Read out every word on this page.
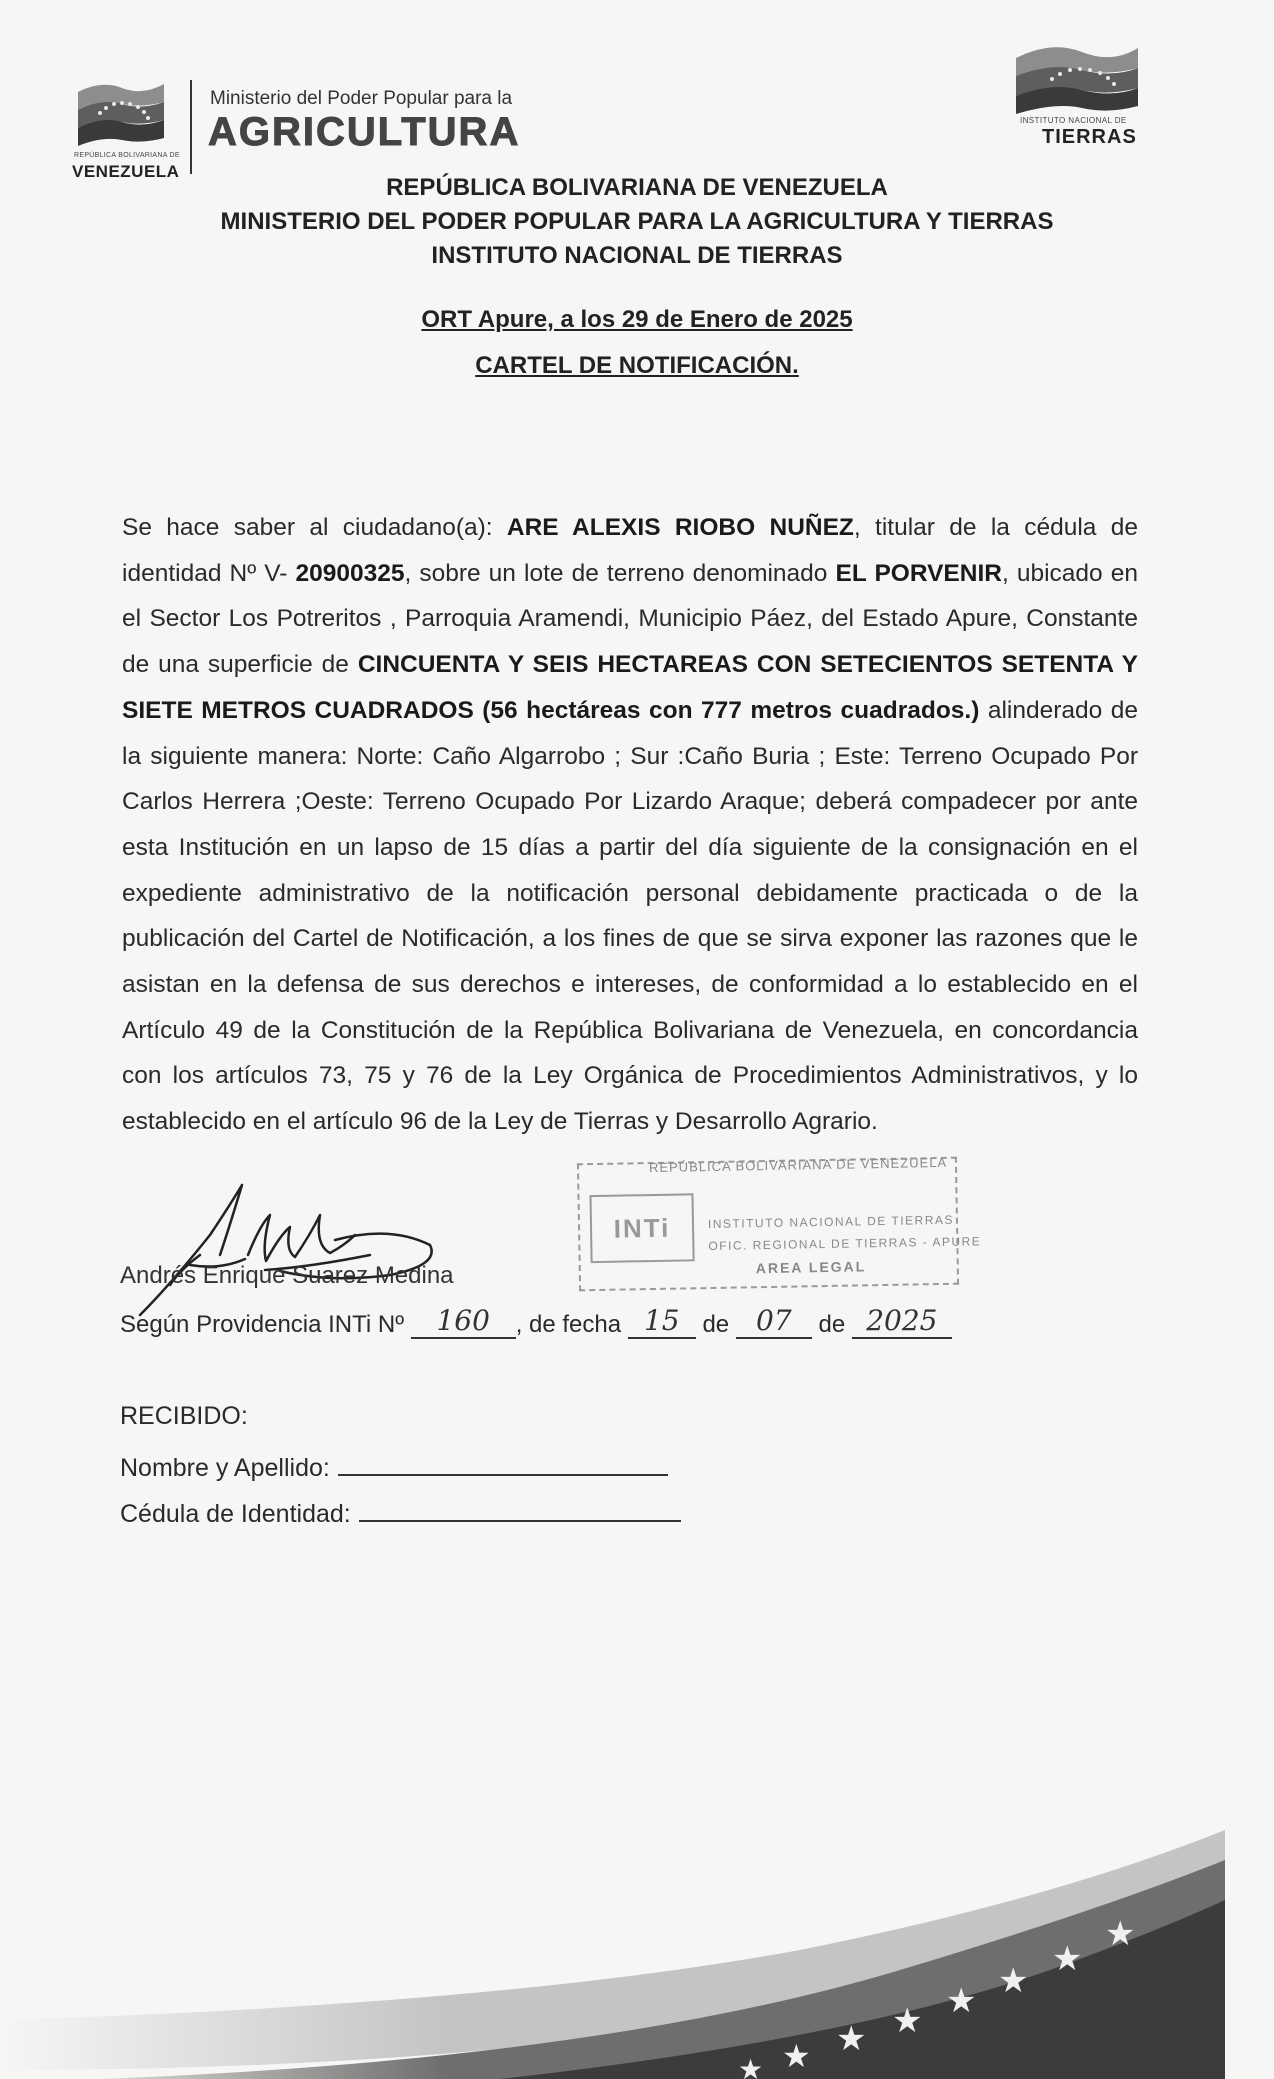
REPÚBLICA BOLIVARIANA DE
VENEZUELA
Ministerio del Poder Popular para la
AGRICULTURA	INSTITUTO NACIONAL DE
TIERRAS
REPÚBLICA BOLIVARIANA DE VENEZUELA
MINISTERIO DEL PODER POPULAR PARA LA AGRICULTURA Y TIERRAS
INSTITUTO NACIONAL DE TIERRAS
ORT Apure, a los 29 de Enero de 2025
CARTEL DE NOTIFICACIÓN.
Se hace saber al ciudadano(a): ARE ALEXIS RIOBO NUÑEZ, titular de la cédula de identidad Nº V- 20900325, sobre un lote de terreno denominado EL PORVENIR, ubicado en el Sector Los Potreritos , Parroquia Aramendi, Municipio Páez, del Estado Apure, Constante de una superficie de CINCUENTA Y SEIS HECTAREAS CON SETECIENTOS SETENTA Y SIETE METROS CUADRADOS (56 hectáreas con 777 metros cuadrados.) alinderado de la siguiente manera: Norte: Caño Algarrobo ; Sur :Caño Buria ; Este: Terreno Ocupado Por Carlos Herrera ;Oeste: Terreno Ocupado Por Lizardo Araque; deberá compadecer por ante esta Institución en un lapso de 15 días a partir del día siguiente de la consignación en el expediente administrativo de la notificación personal debidamente practicada o de la publicación del Cartel de Notificación, a los fines de que se sirva exponer las razones que le asistan en la defensa de sus derechos e intereses, de conformidad a lo establecido en el Artículo 49 de la Constitución de la República Bolivariana de Venezuela, en concordancia con los artículos 73, 75 y 76 de la Ley Orgánica de Procedimientos Administrativos, y lo establecido en el artículo 96 de la Ley de Tierras y Desarrollo Agrario.
REPÚBLICA BOLIVARIANA DE VENEZUELA
INTi	INSTITUTO NACIONAL DE TIERRAS
OFIC. REGIONAL DE TIERRAS - APURE
AREA LEGAL
Andrés Enrique Suarez Medina
Según Providencia INTi Nº 160 , de fecha 15 de 07 de 2025
RECIBIDO:
Nombre y Apellido:
Cédula de Identidad:
★
★
★
★
★
★
★
★
